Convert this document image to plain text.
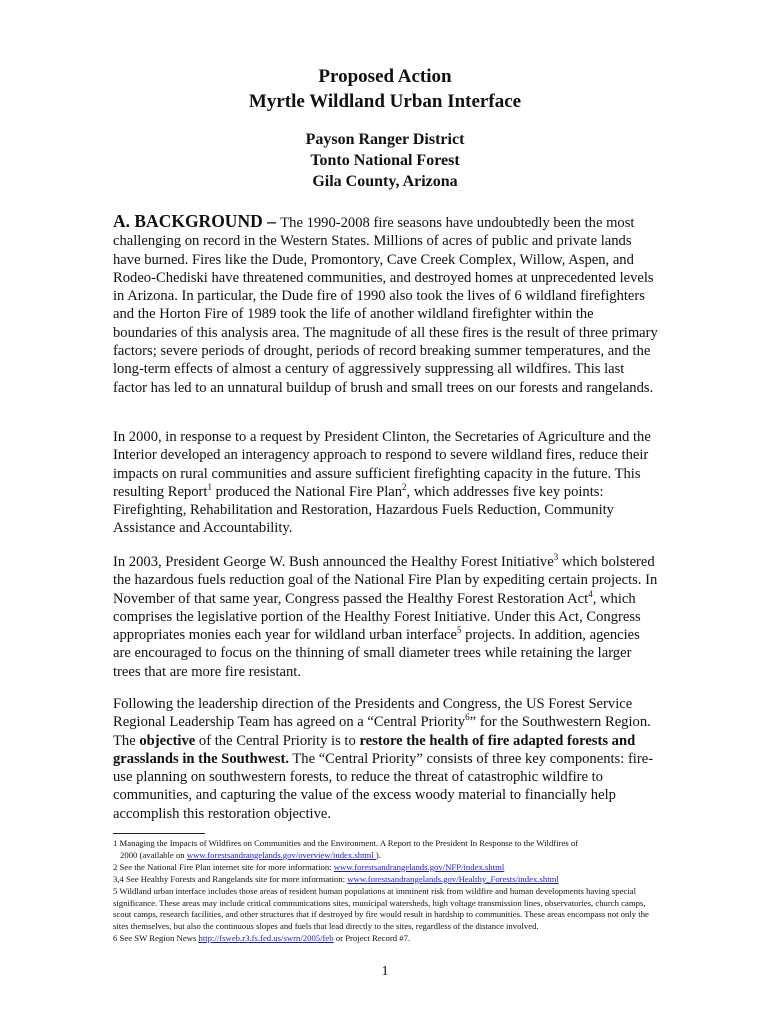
Proposed Action
Myrtle Wildland Urban Interface
Payson Ranger District
Tonto National Forest
Gila County, Arizona

A. BACKGROUND – The 1990-2008 fire seasons have undoubtedly been the most challenging on record in the Western States. Millions of acres of public and private lands have burned. Fires like the Dude, Promontory, Cave Creek Complex, Willow, Aspen, and Rodeo-Chediski have threatened communities, and destroyed homes at unprecedented levels in Arizona. In particular, the Dude fire of 1990 also took the lives of 6 wildland firefighters and the Horton Fire of 1989 took the life of another wildland firefighter within the boundaries of this analysis area. The magnitude of all these fires is the result of three primary factors; severe periods of drought, periods of record breaking summer temperatures, and the long-term effects of almost a century of aggressively suppressing all wildfires. This last factor has led to an unnatural buildup of brush and small trees on our forests and rangelands.

In 2000, in response to a request by President Clinton, the Secretaries of Agriculture and the Interior developed an interagency approach to respond to severe wildland fires, reduce their impacts on rural communities and assure sufficient firefighting capacity in the future. This resulting Report$^1$ produced the National Fire Plan$^2$, which addresses five key points: Firefighting, Rehabilitation and Restoration, Hazardous Fuels Reduction, Community Assistance and Accountability.

In 2003, President George W. Bush announced the Healthy Forest Initiative$^3$ which bolstered the hazardous fuels reduction goal of the National Fire Plan by expediting certain projects. In November of that same year, Congress passed the Healthy Forest Restoration Act$^4$, which comprises the legislative portion of the Healthy Forest Initiative. Under this Act, Congress appropriates monies each year for wildland urban interface$^5$ projects. In addition, agencies are encouraged to focus on the thinning of small diameter trees while retaining the larger trees that are more fire resistant.

Following the leadership direction of the Presidents and Congress, the US Forest Service Regional Leadership Team has agreed on a “Central Priority$^6$” for the Southwestern Region. The objective of the Central Priority is to restore the health of fire adapted forests and grasslands in the Southwest. The “Central Priority” consists of three key components: fire-use planning on southwestern forests, to reduce the threat of catastrophic wildfire to communities, and capturing the value of the excess woody material to financially help accomplish this restoration objective.

1 Managing the Impacts of Wildfires on Communities and the Environment. A Report to the President In Response to the Wildfires of

2000 (available on www.forestsandrangelands.gov/overview/index.shtml ).

2 See the National Fire Plan internet site for more information: www.forestsandrangelands.gov/NFP/index.shtml

3,4 See Healthy Forests and Rangelands site for more information: www.forestsandrangelands.gov/Healthy_Forests/index.shtml

5 Wildland urban interface includes those areas of resident human populations at imminent risk from wildfire and human developments having special significance. These areas may include critical communications sites, municipal watersheds, high voltage transmission lines, observatories, church camps, scout camps, research facilities, and other structures that if destroyed by fire would result in hardship to communities. These areas encompass not only the sites themselves, but also the continuous slopes and fuels that lead directly to the sites, regardless of the distance involved.

6 See SW Region News http://fsweb.r3.fs.fed.us/swrn/2005/feb or Project Record #7.

1
